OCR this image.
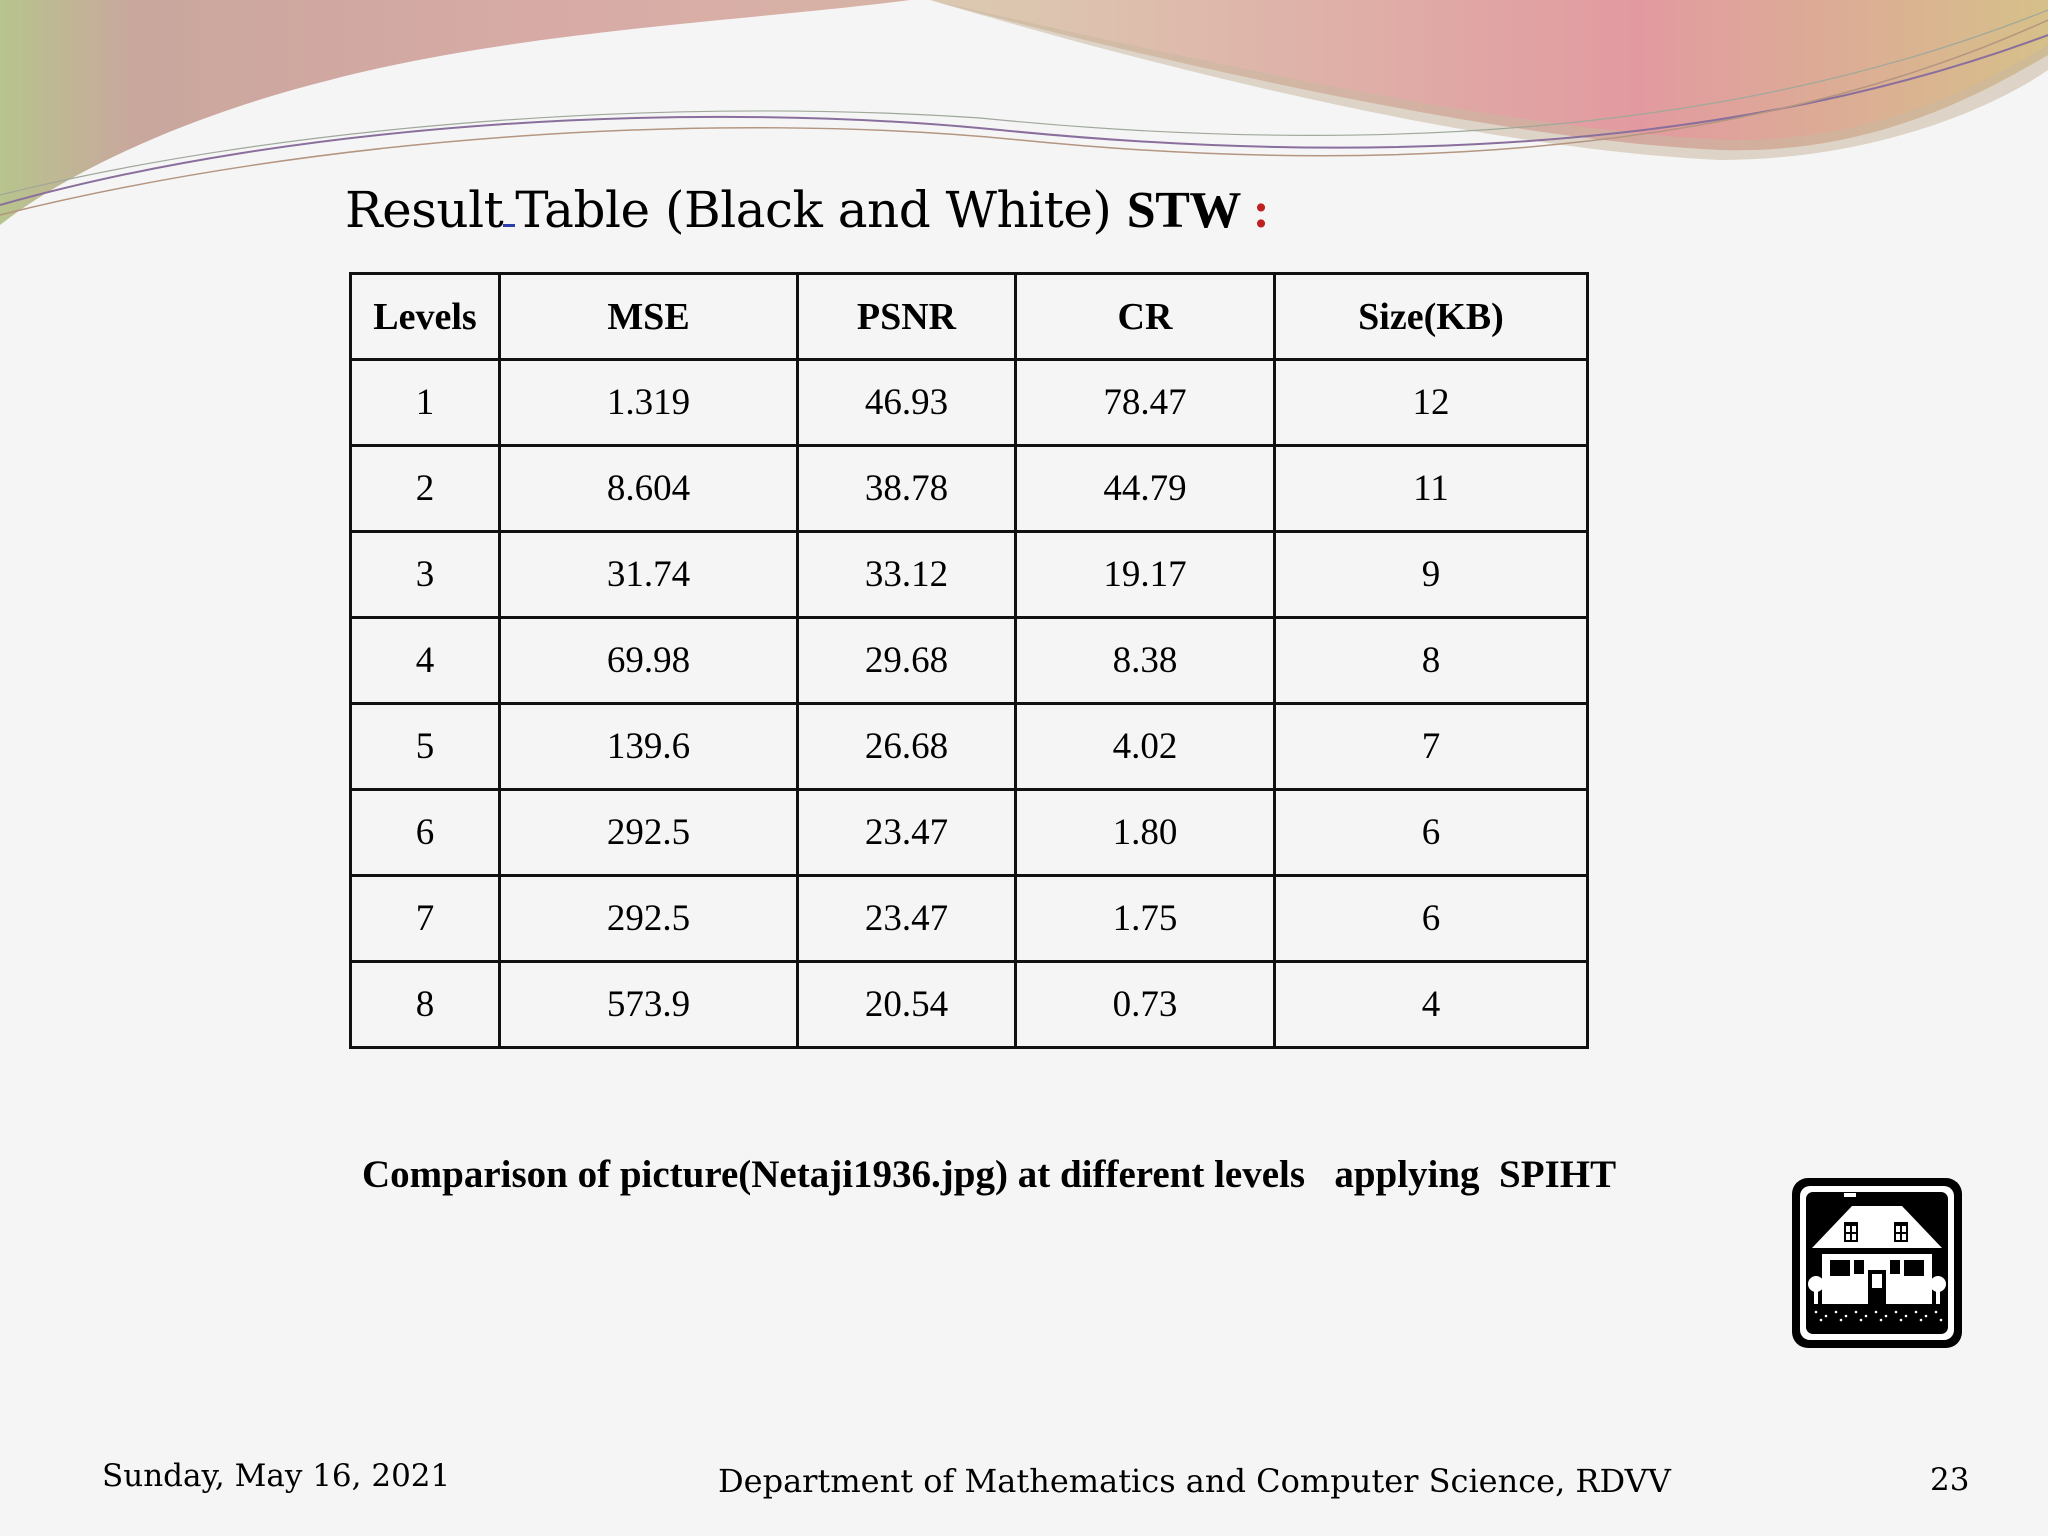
Result Table (Black and White) STW :
Levels	MSE	PSNR	CR	Size(KB)
1	1.319	46.93	78.47	12
2	8.604	38.78	44.79	11
3	31.74	33.12	19.17	9
4	69.98	29.68	8.38	8
5	139.6	26.68	4.02	7
6	292.5	23.47	1.80	6
7	292.5	23.47	1.75	6
8	573.9	20.54	0.73	4
Comparison of picture(Netaji1936.jpg) at different levels   applying  SPIHT
Sunday, May 16, 2021	Department of Mathematics and Computer Science, RDVV	23
